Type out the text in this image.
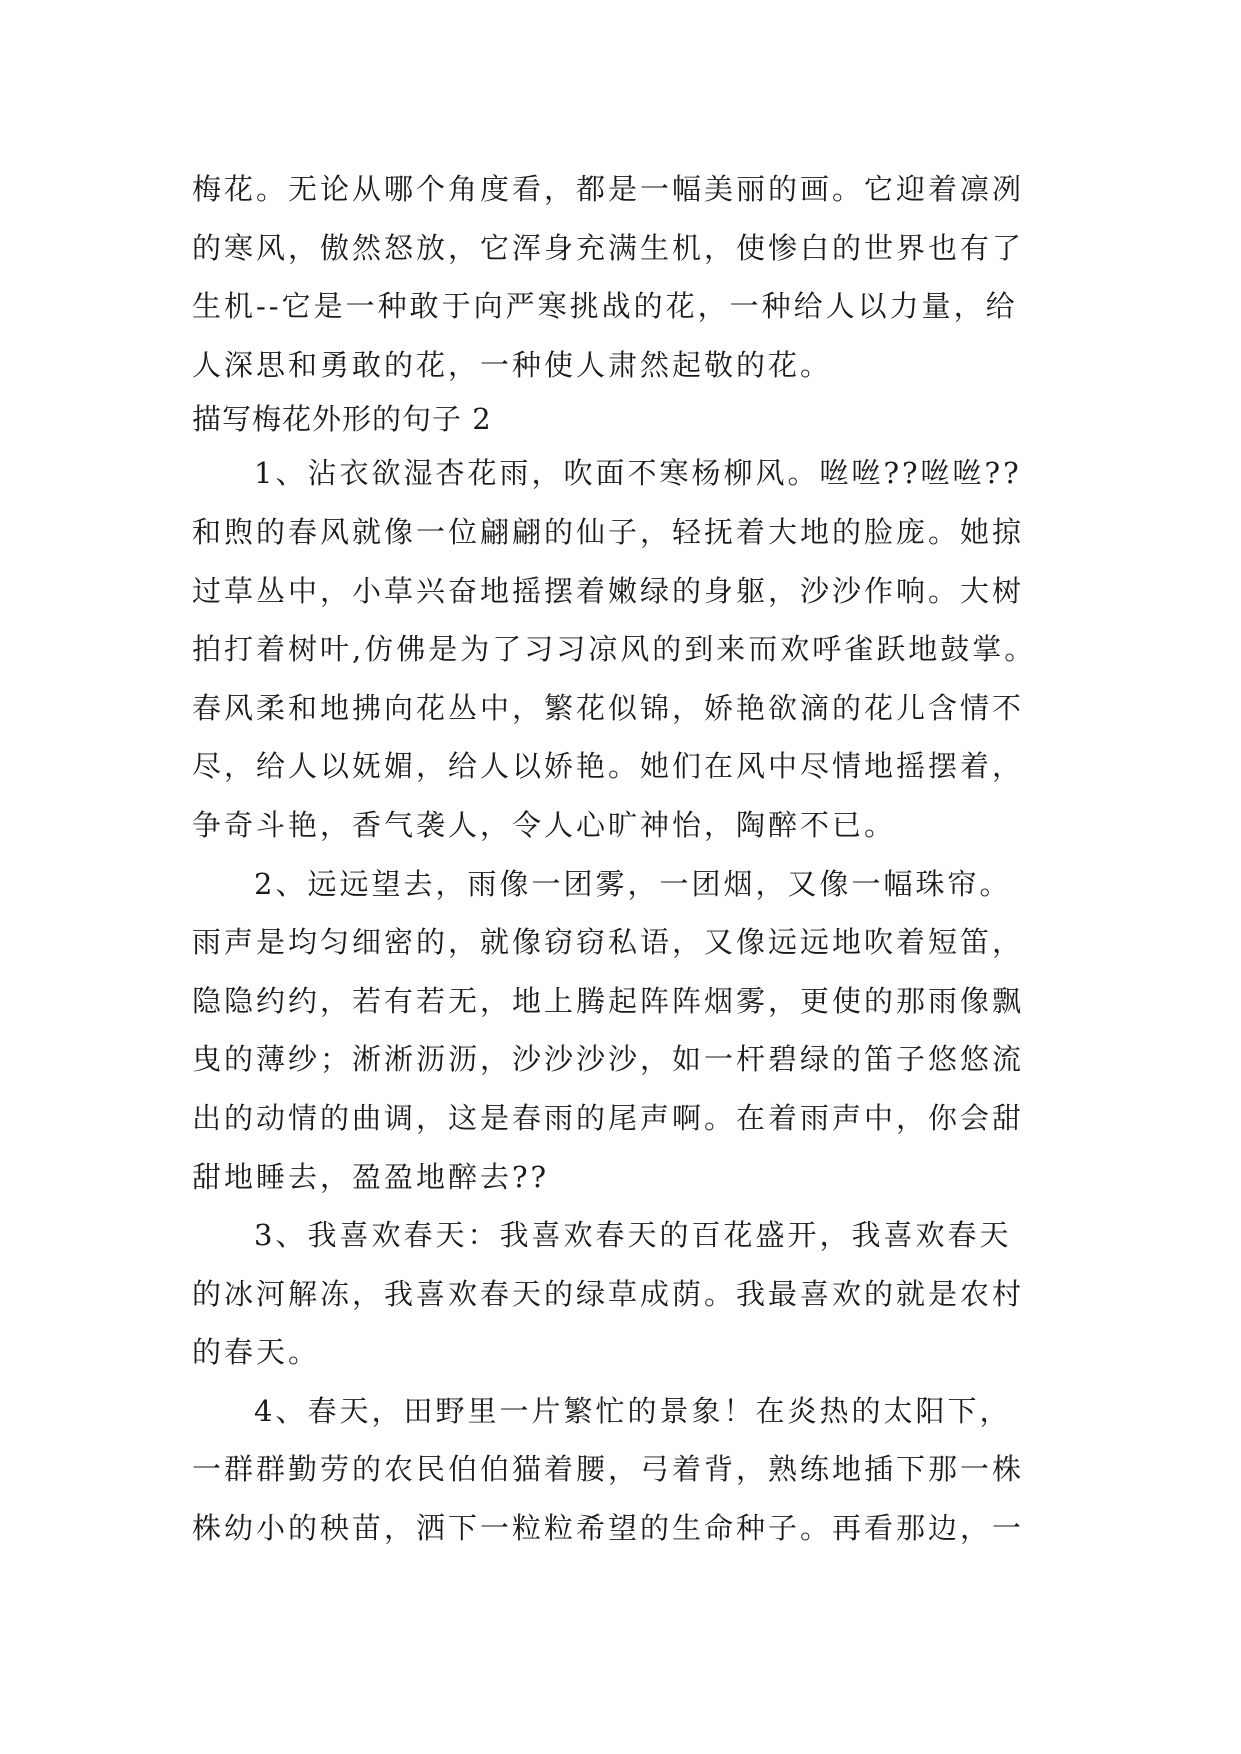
梅花。无论从哪个角度看，都是一幅美丽的画。它迎着凛冽
的寒风，傲然怒放，它浑身充满生机，使惨白的世界也有了
生机--它是一种敢于向严寒挑战的花，一种给人以力量，给
人深思和勇敢的花，一种使人肃然起敬的花。
描写梅花外形的句子 2
1、沾衣欲湿杏花雨，吹面不寒杨柳风。咝咝??咝咝??
和煦的春风就像一位翩翩的仙子，轻抚着大地的脸庞。她掠
过草丛中，小草兴奋地摇摆着嫩绿的身躯，沙沙作响。大树
拍打着树叶,仿佛是为了习习凉风的到来而欢呼雀跃地鼓掌。
春风柔和地拂向花丛中，繁花似锦，娇艳欲滴的花儿含情不
尽，给人以妩媚，给人以娇艳。她们在风中尽情地摇摆着，
争奇斗艳，香气袭人，令人心旷神怡，陶醉不已。
2、远远望去，雨像一团雾，一团烟，又像一幅珠帘。
雨声是均匀细密的，就像窃窃私语，又像远远地吹着短笛，
隐隐约约，若有若无，地上腾起阵阵烟雾，更使的那雨像飘
曳的薄纱；淅淅沥沥，沙沙沙沙，如一杆碧绿的笛子悠悠流
出的动情的曲调，这是春雨的尾声啊。在着雨声中，你会甜
甜地睡去，盈盈地醉去??
3、我喜欢春天：我喜欢春天的百花盛开，我喜欢春天
的冰河解冻，我喜欢春天的绿草成荫。我最喜欢的就是农村
的春天。
4、春天，田野里一片繁忙的景象！在炎热的太阳下，
一群群勤劳的农民伯伯猫着腰，弓着背，熟练地插下那一株
株幼小的秧苗，洒下一粒粒希望的生命种子。再看那边，一
